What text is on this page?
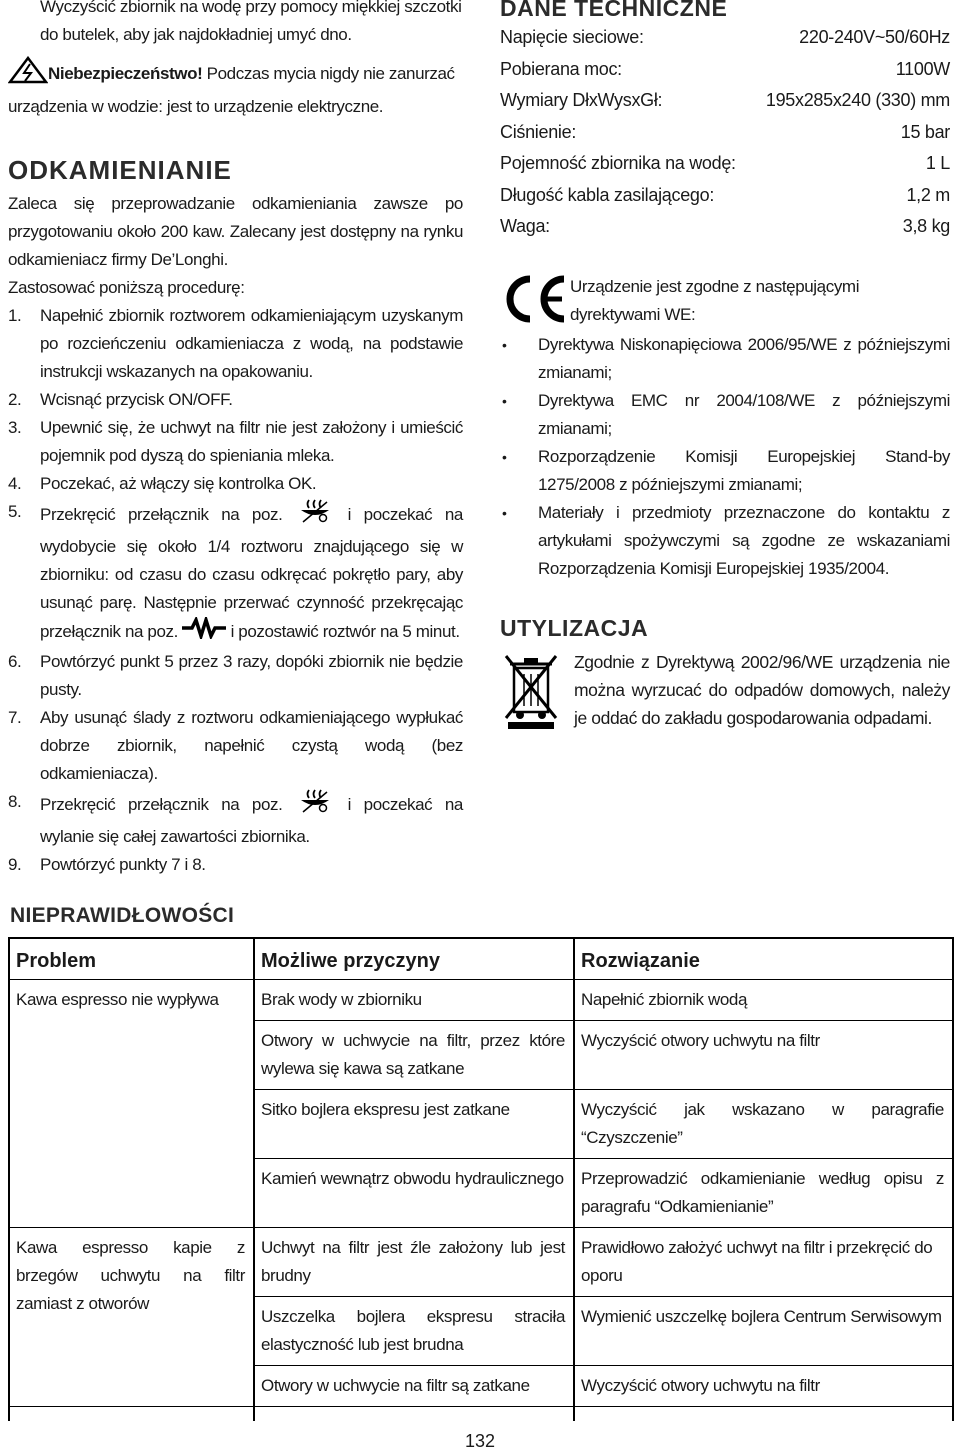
Wyczyścić zbiornik na wodę przy pomocy miękkiej szczotki

do butelek, aby jak najdokładniej umyć dno.

Niebezpieczeństwo! Podczas mycia nigdy nie zanurzać urządzenia w wodzie: jest to urządzenie elektryczne.

ODKAMIENIANIE

Zaleca się przeprowadzanie odkamieniania zawsze po przygotowaniu około 200 kaw. Zalecany jest dostępny na rynku odkamieniacz firmy De’Longhi.

Zastosować poniższą procedurę:

1. Napełnić zbiornik roztworem odkamieniającym uzyskanym po rozcieńczeniu odkamieniacza z wodą, na podstawie instrukcji wskazanych na opakowaniu.
2. Wcisnąć przycisk ON/OFF.
3. Upewnić się, że uchwyt na filtr nie jest założony i umieścić pojemnik pod dyszą do spieniania mleka.
4. Poczekać, aż włączy się kontrolka OK.
5. Przekręcić przełącznik na poz.	i poczekać na wydobycie się około 1/4 roztworu znajdującego się w zbiorniku: od czasu do czasu odkręcać pokrętło pary, aby usunąć parę. Następnie przerwać czynność przekręcając przełącznik na poz.	i pozostawić roztwór na 5 minut.
6. Powtórzyć punkt 5 przez 3 razy, dopóki zbiornik nie będzie pusty.
7. Aby usunąć ślady z roztworu odkamieniającego wypłukać dobrze zbiornik, napełnić czystą wodą (bez odkamieniacza).
8. Przekręcić przełącznik na poz.	i poczekać na wylanie się całej zawartości zbiornika.
9. Powtórzyć punkty 7 i 8.
DANE TECHNICZNE
Napięcie sieciowe:	220-240V~50/60Hz
Pobierana moc:	1100W
Wymiary DłxWysxGł:	195x285x240 (330) mm
Ciśnienie:	15 bar
Pojemność zbiornika na wodę:	1 L
Długość kabla zasilającego:	1,2 m
Waga:	3,8 kg

Urządzenie jest zgodne z następującymi dyrektywami WE:

• Dyrektywa Niskonapięciowa 2006/95/WE z późniejszymi zmianami;
• Dyrektywa EMC nr 2004/108/WE z późniejszymi zmianami;
• Rozporządzenie Komisji Europejskiej Stand-by 1275/2008 z późniejszymi zmianami;
• Materiały i przedmioty przeznaczone do kontaktu z artykułami spożywczymi są zgodne ze wskazaniami Rozporządzenia Komisji Europejskiej 1935/2004.
UTYLIZACJA

Zgodnie z Dyrektywą 2002/96/WE urządzenia nie można wyrzucać do odpadów domowych, należy je oddać do zakładu gospodarowania odpadami.

NIEPRAWIDŁOWOŚCI
Problem	Możliwe przyczyny	Rozwiązanie
Kawa espresso nie wypływa	Brak wody w zbiorniku	Napełnić zbiornik wodą
	Otwory w uchwycie na filtr, przez które wylewa się kawa są zatkane	Wyczyścić otwory uchwytu na filtr
	Sitko bojlera ekspresu jest zatkane	Wyczyścić jak wskazano w paragrafie “Czyszczenie”
	Kamień wewnątrz obwodu hydraulicznego	Przeprowadzić odkamienianie według opisu z paragrafu “Odkamienianie”
Kawa espresso kapie z brzegów uchwytu na filtr zamiast z otworów	Uchwyt na filtr jest źle założony lub jest brudny	Prawidłowo założyć uchwyt na filtr i przekręcić do oporu
	Uszczelka bojlera ekspresu straciła elastyczność lub jest brudna	Wymienić uszczelkę bojlera Centrum Serwisowym
	Otwory w uchwycie na filtr są zatkane	Wyczyścić otwory uchwytu na filtr
132
